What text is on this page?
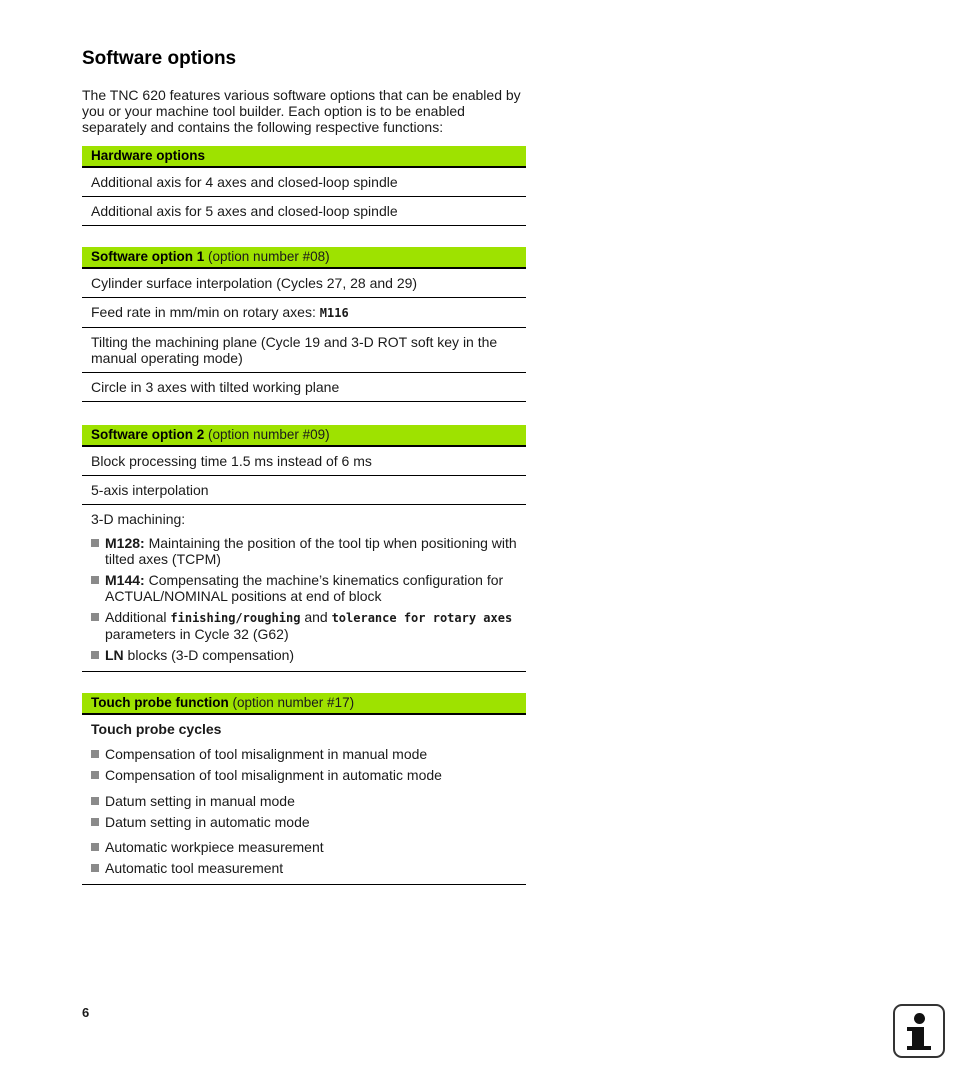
Software options

The TNC 620 features various software options that can be enabled by you or your machine tool builder. Each option is to be enabled separately and contains the following respective functions:

Hardware options
Additional axis for 4 axes and closed-loop spindle
Additional axis for 5 axes and closed-loop spindle
Software option 1 (option number #08)
Cylinder surface interpolation (Cycles 27, 28 and 29)
Feed rate in mm/min on rotary axes: M116
Tilting the machining plane (Cycle 19 and 3-D ROT soft key in the manual operating mode)
Circle in 3 axes with tilted working plane
Software option 2 (option number #09)
Block processing time 1.5 ms instead of 6 ms
5-axis interpolation
3-D machining:
M128: Maintaining the position of the tool tip when positioning with tilted axes (TCPM)
M144: Compensating the machine’s kinematics configuration for ACTUAL/NOMINAL positions at end of block
Additional finishing/roughing and tolerance for rotary axes parameters in Cycle 32 (G62)
LN blocks (3-D compensation)
Touch probe function (option number #17)
Touch probe cycles
Compensation of tool misalignment in manual mode
Compensation of tool misalignment in automatic mode
Datum setting in manual mode
Datum setting in automatic mode
Automatic workpiece measurement
Automatic tool measurement
6
